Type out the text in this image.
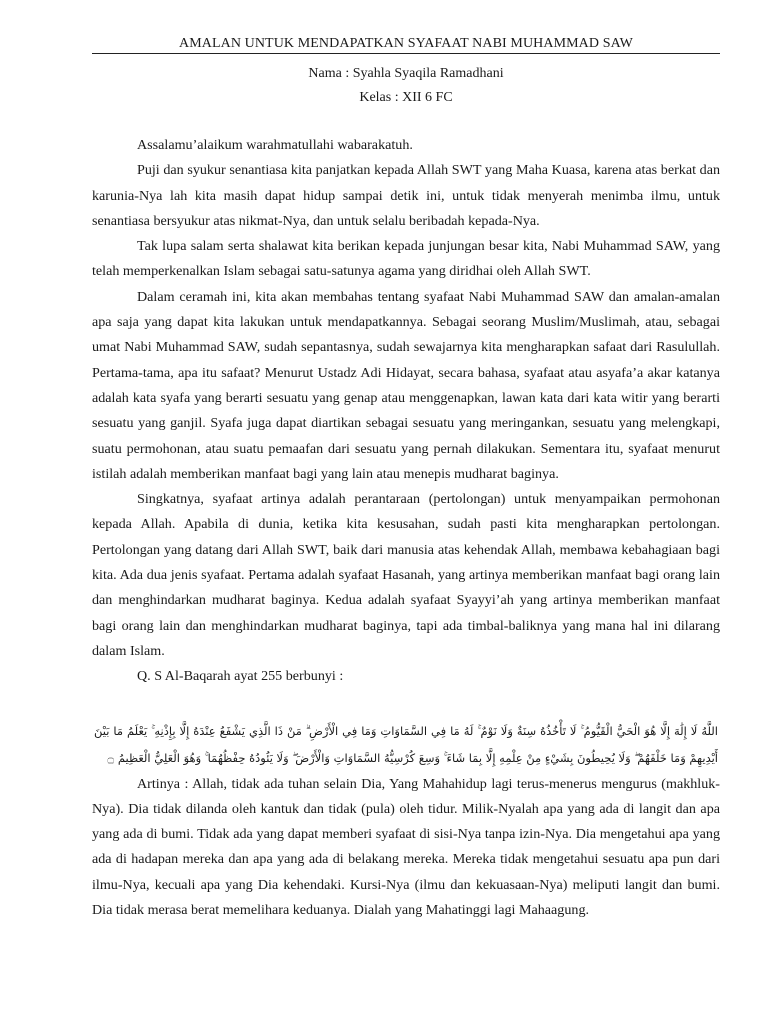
AMALAN UNTUK MENDAPATKAN SYAFAAT NABI MUHAMMAD SAW
Nama : Syahla Syaqila Ramadhani
Kelas : XII 6 FC

Assalamu’alaikum warahmatullahi wabarakatuh.

Puji dan syukur senantiasa kita panjatkan kepada Allah SWT yang Maha Kuasa, karena atas berkat dan karunia-Nya lah kita masih dapat hidup sampai detik ini, untuk tidak menyerah menimba ilmu, untuk senantiasa bersyukur atas nikmat-Nya, dan untuk selalu beribadah kepada-Nya.

Tak lupa salam serta shalawat kita berikan kepada junjungan besar kita, Nabi Muhammad SAW, yang telah memperkenalkan Islam sebagai satu-satunya agama yang diridhai oleh Allah SWT.

Dalam ceramah ini, kita akan membahas tentang syafaat Nabi Muhammad SAW dan amalan-amalan apa saja yang dapat kita lakukan untuk mendapatkannya. Sebagai seorang Muslim/Muslimah, atau, sebagai umat Nabi Muhammad SAW, sudah sepantasnya, sudah sewajarnya kita mengharapkan safaat dari Rasulullah. Pertama-tama, apa itu safaat? Menurut Ustadz Adi Hidayat, secara bahasa, syafaat atau asyafa’a akar katanya adalah kata syafa yang berarti sesuatu yang genap atau menggenapkan, lawan kata dari kata witir yang berarti sesuatu yang ganjil. Syafa juga dapat diartikan sebagai sesuatu yang meringankan, sesuatu yang melengkapi, suatu permohonan, atau suatu pemaafan dari sesuatu yang pernah dilakukan. Sementara itu, syafaat menurut istilah adalah memberikan manfaat bagi yang lain atau menepis mudharat baginya.

Singkatnya, syafaat artinya adalah perantaraan (pertolongan) untuk menyampaikan permohonan kepada Allah. Apabila di dunia, ketika kita kesusahan, sudah pasti kita mengharapkan pertolongan. Pertolongan yang datang dari Allah SWT, baik dari manusia atas kehendak Allah, membawa kebahagiaan bagi kita. Ada dua jenis syafaat. Pertama adalah syafaat Hasanah, yang artinya memberikan manfaat bagi orang lain dan menghindarkan mudharat baginya. Kedua adalah syafaat Syayyi’ah yang artinya memberikan manfaat bagi orang lain dan menghindarkan mudharat baginya, tapi ada timbal-baliknya yang mana hal ini dilarang dalam Islam.

Q. S Al-Baqarah ayat 255 berbunyi :

اللَّهُ لَا إِلَٰهَ إِلَّا هُوَ الْحَيُّ الْقَيُّومُ ۚ لَا تَأْخُذُهُ سِنَةٌ وَلَا نَوْمٌ ۚ لَهُ مَا فِي السَّمَاوَاتِ وَمَا فِي الْأَرْضِ ۗ مَنْ ذَا الَّذِي يَشْفَعُ عِنْدَهُ إِلَّا بِإِذْنِهِ ۚ يَعْلَمُ مَا بَيْنَ أَيْدِيهِمْ وَمَا خَلْفَهُمْ ۖ وَلَا يُحِيطُونَ بِشَيْءٍ مِنْ عِلْمِهِ إِلَّا بِمَا شَاءَ ۚ وَسِعَ كُرْسِيُّهُ السَّمَاوَاتِ وَالْأَرْضَ ۖ وَلَا يَئُودُهُ حِفْظُهُمَا ۚ وَهُوَ الْعَلِيُّ الْعَظِيمُ ۝

Artinya : Allah, tidak ada tuhan selain Dia, Yang Mahahidup lagi terus-menerus mengurus (makhluk-Nya). Dia tidak dilanda oleh kantuk dan tidak (pula) oleh tidur. Milik-Nyalah apa yang ada di langit dan apa yang ada di bumi. Tidak ada yang dapat memberi syafaat di sisi-Nya tanpa izin-Nya. Dia mengetahui apa yang ada di hadapan mereka dan apa yang ada di belakang mereka. Mereka tidak mengetahui sesuatu apa pun dari ilmu-Nya, kecuali apa yang Dia kehendaki. Kursi-Nya (ilmu dan kekuasaan-Nya) meliputi langit dan bumi. Dia tidak merasa berat memelihara keduanya. Dialah yang Mahatinggi lagi Mahaagung.
